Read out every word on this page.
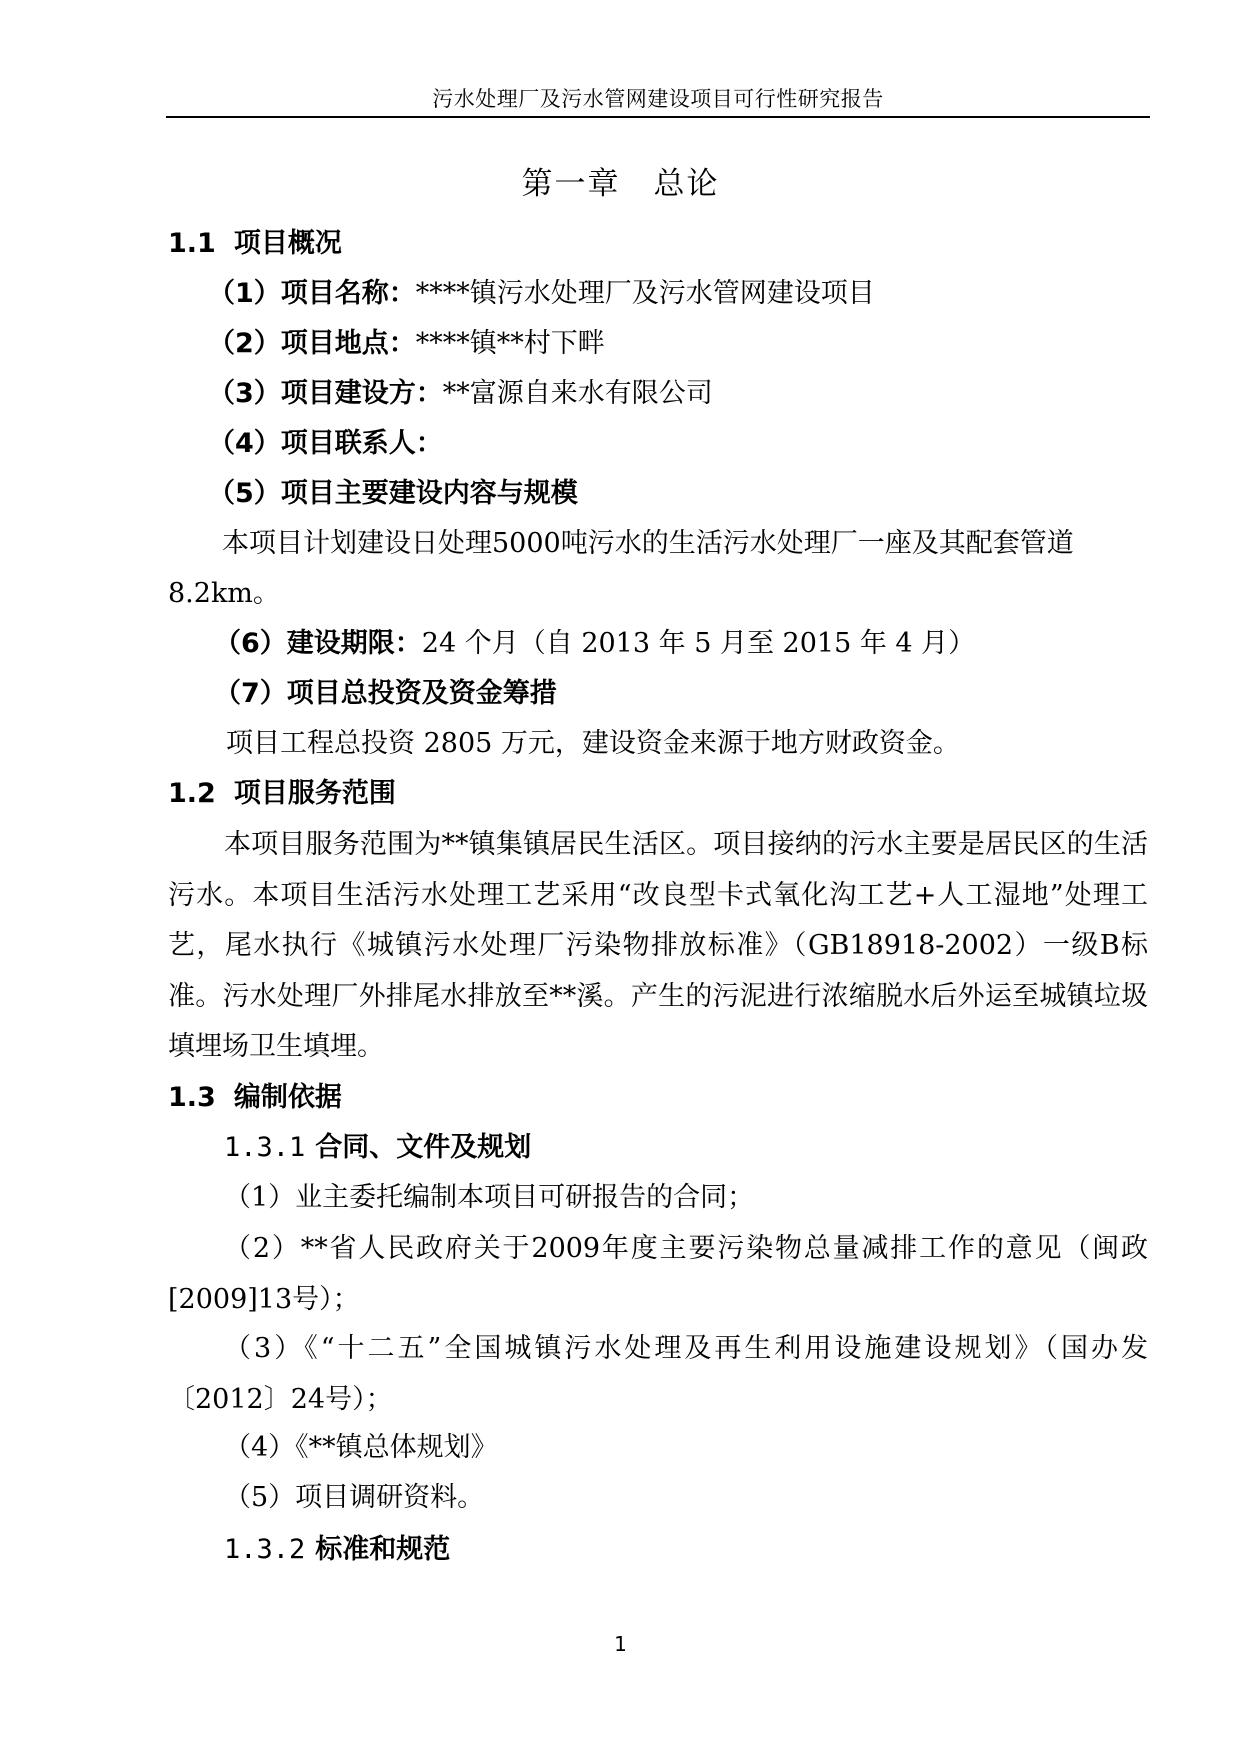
污水处理厂及污水管网建设项目可行性研究报告
第一章　总论
1.1 项目概况
（1）项目名称：****镇污水处理厂及污水管网建设项目
（2）项目地点：****镇**村下畔
（3）项目建设方：**富源自来水有限公司
（4）项目联系人：
（5）项目主要建设内容与规模
本项目计划建设日处理5000吨污水的生活污水处理厂一座及其配套管道
8.2km。
（6）建设期限：24 个月（自 2013 年 5 月至 2015 年 4 月）
（7）项目总投资及资金筹措
项目工程总投资 2805 万元，建设资金来源于地方财政资金。
1.2 项目服务范围
本项目服务范围为**镇集镇居民生活区。项目接纳的污水主要是居民区的生活污水。本项目生活污水处理工艺采用“改良型卡式氧化沟工艺+人工湿地”处理工艺，尾水执行《城镇污水处理厂污染物排放标准》（GB18918-2002）一级B标准。污水处理厂外排尾水排放至**溪。产生的污泥进行浓缩脱水后外运至城镇垃圾填埋场卫生填埋。
1.3 编制依据
1.3.1 合同、文件及规划
（1）业主委托编制本项目可研报告的合同；
（2）**省人民政府关于2009年度主要污染物总量减排工作的意见（闽政[2009]13号）；
（3）《“十二五”全国城镇污水处理及再生利用设施建设规划》（国办发〔2012〕24号）；
（4）《**镇总体规划》
（5）项目调研资料。
1.3.2 标准和规范
1
